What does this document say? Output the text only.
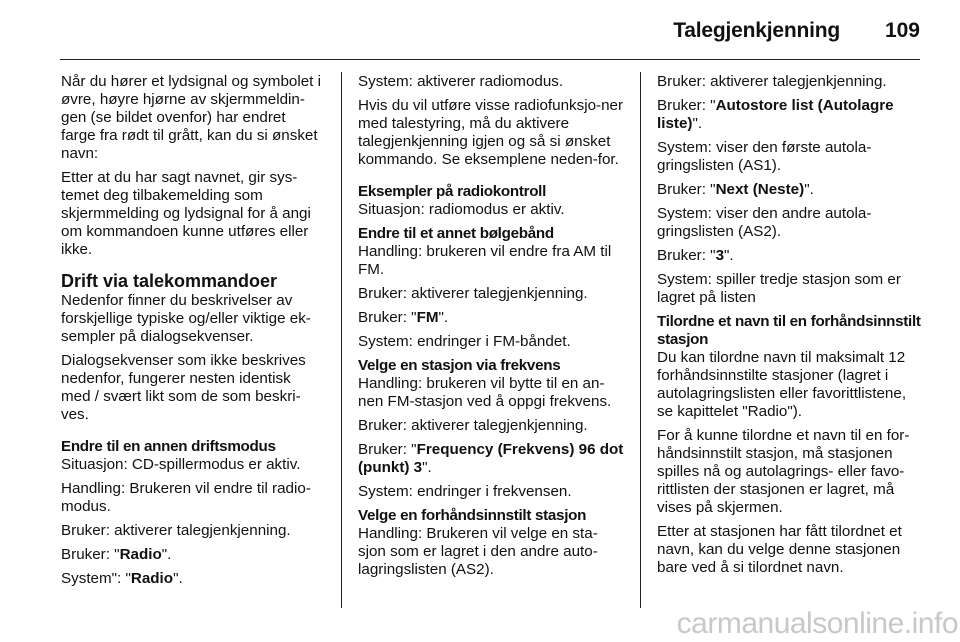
Talegjenkjenning 109

Når du hører et lydsignal og symbolet i øvre, høyre hjørne av skjermmeldin-gen (se bildet ovenfor) har endret farge fra rødt til grått, kan du si ønsket navn:

Etter at du har sagt navnet, gir sys-temet deg tilbakemelding som skjermmelding og lydsignal for å angi om kommandoen kunne utføres eller ikke.

Drift via talekommandoer

Nedenfor finner du beskrivelser av forskjellige typiske og/eller viktige ek-sempler på dialogsekvenser.

Dialogsekvenser som ikke beskrives nedenfor, fungerer nesten identisk med / svært likt som de som beskri-ves.

Endre til en annen driftsmodus

Situasjon: CD-spillermodus er aktiv.

Handling: Brukeren vil endre til radio-modus.

Bruker: aktiverer talegjenkjenning.

Bruker: "Radio".

System": "Radio".

System: aktiverer radiomodus.

Hvis du vil utføre visse radiofunksjo-ner med talestyring, må du aktivere talegjenkjenning igjen og så si ønsket kommando. Se eksemplene neden-for.

Eksempler på radiokontroll

Situasjon: radiomodus er aktiv.

Endre til et annet bølgebånd

Handling: brukeren vil endre fra AM til FM.

Bruker: aktiverer talegjenkjenning.

Bruker: "FM".

System: endringer i FM-båndet.

Velge en stasjon via frekvens

Handling: brukeren vil bytte til en an-nen FM-stasjon ved å oppgi frekvens.

Bruker: aktiverer talegjenkjenning.

Bruker: "Frequency (Frekvens) 96 dot (punkt) 3".

System: endringer i frekvensen.

Velge en forhåndsinnstilt stasjon

Handling: Brukeren vil velge en sta-sjon som er lagret i den andre auto-lagringslisten (AS2).

Bruker: aktiverer talegjenkjenning.

Bruker: "Autostore list (Autolagre liste)".

System: viser den første autola-gringslisten (AS1).

Bruker: "Next (Neste)".

System: viser den andre autola-gringslisten (AS2).

Bruker: "3".

System: spiller tredje stasjon som er lagret på listen

Tilordne et navn til en forhåndsinnstilt stasjon

Du kan tilordne navn til maksimalt 12 forhåndsinnstilte stasjoner (lagret i autolagringslisten eller favorittlistene, se kapittelet "Radio").

For å kunne tilordne et navn til en for-håndsinnstilt stasjon, må stasjonen spilles nå og autolagrings- eller favo-rittlisten der stasjonen er lagret, må vises på skjermen.

Etter at stasjonen har fått tilordnet et navn, kan du velge denne stasjonen bare ved å si tilordnet navn.

carmanualsonline.info
